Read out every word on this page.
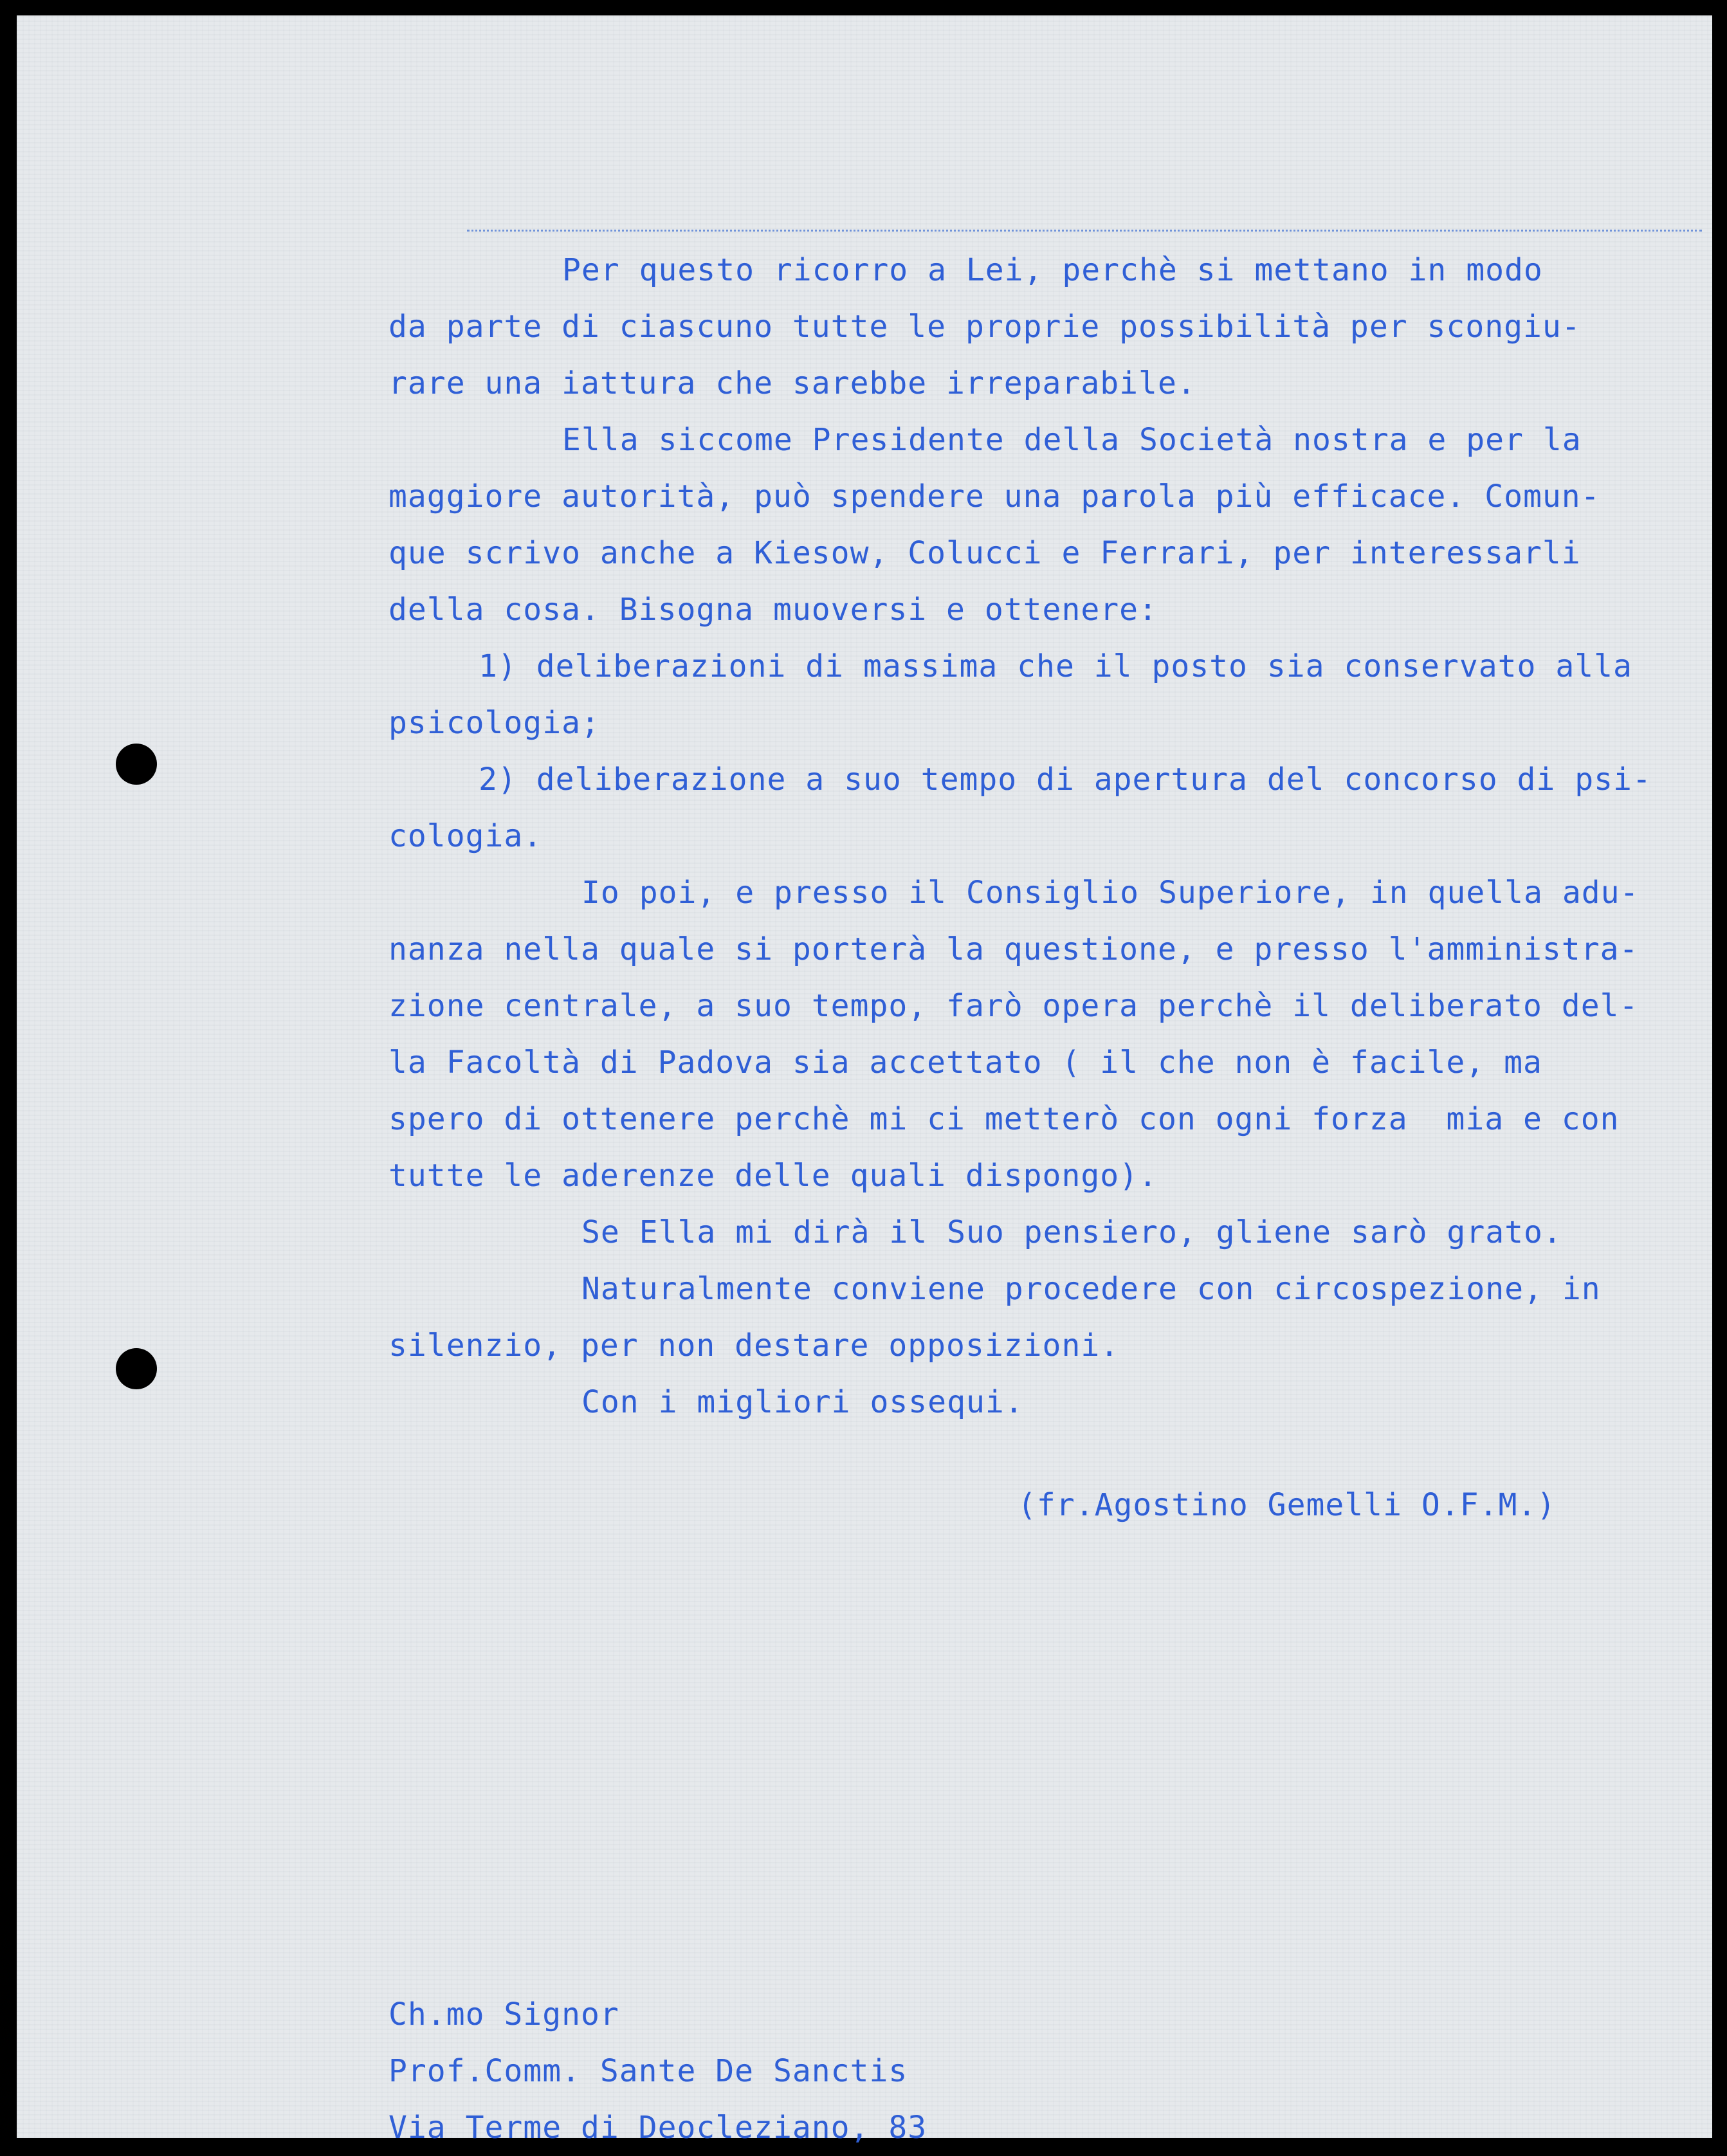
Per questo ricorro a Lei, perchè si mettano in modo
da parte di ciascuno tutte le proprie possibilità per scongiu-
rare una iattura che sarebbe irreparabile.
Ella siccome Presidente della Società nostra e per la
maggiore autorità, può spendere una parola più efficace. Comun-
que scrivo anche a Kiesow, Colucci e Ferrari, per interessarli
della cosa. Bisogna muoversi e ottenere:
1) deliberazioni di massima che il posto sia conservato alla
psicologia;
2) deliberazione a suo tempo di apertura del concorso di psi-
cologia.
Io poi, e presso il Consiglio Superiore, in quella adu-
nanza nella quale si porterà la questione, e presso l'amministra-
zione centrale, a suo tempo, farò opera perchè il deliberato del-
la Facoltà di Padova sia accettato ( il che non è facile, ma
spero di ottenere perchè mi ci metterò con ogni forza  mia e con
tutte le aderenze delle quali dispongo).
Se Ella mi dirà il Suo pensiero, gliene sarò grato.
Naturalmente conviene procedere con circospezione, in
silenzio, per non destare opposizioni.
Con i migliori ossequi.
(fr.Agostino Gemelli O.F.M.)
Ch.mo Signor
Prof.Comm. Sante De Sanctis
Via Terme di Deocleziano, 83
